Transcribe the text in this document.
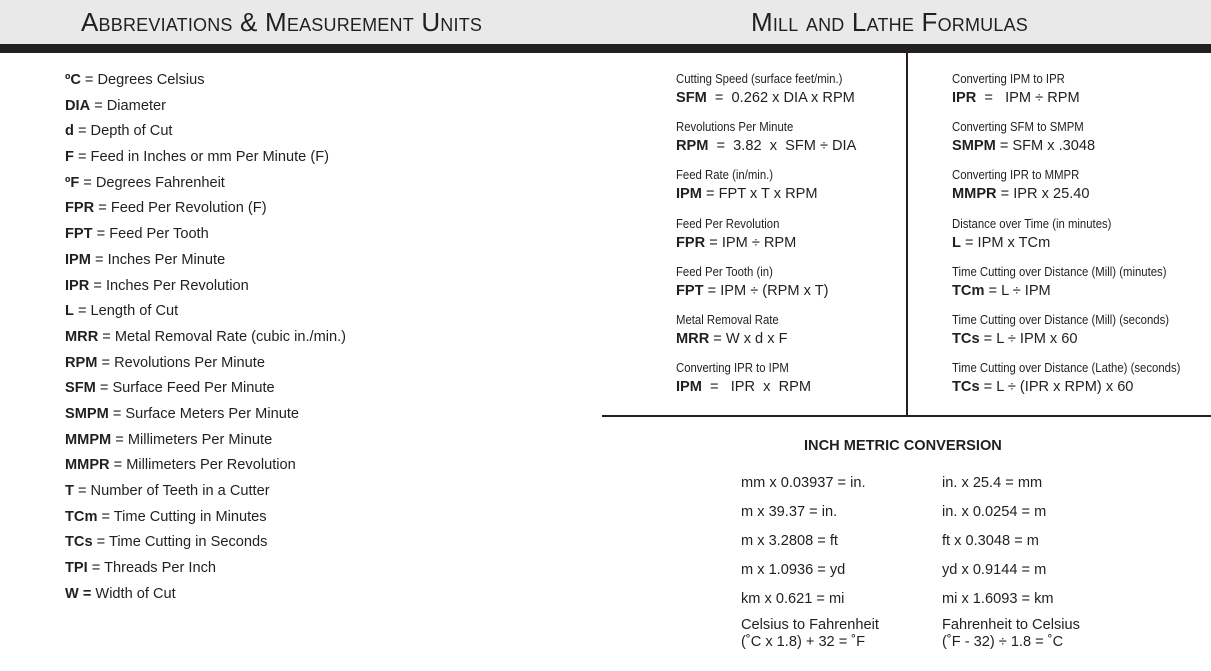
Abbreviations & Measurement Units	Mill and Lathe Formulas
ºC = Degrees Celsius
DIA = Diameter
d = Depth of Cut
F = Feed in Inches or mm Per Minute (F)
ºF = Degrees Fahrenheit
FPR = Feed Per Revolution (F)
FPT = Feed Per Tooth
IPM = Inches Per Minute
IPR = Inches Per Revolution
L = Length of Cut
MRR = Metal Removal Rate (cubic in./min.)
RPM = Revolutions Per Minute
SFM = Surface Feed Per Minute
SMPM = Surface Meters Per Minute
MMPM = Millimeters Per Minute
MMPR = Millimeters Per Revolution
T = Number of Teeth in a Cutter
TCm = Time Cutting in Minutes
TCs = Time Cutting in Seconds
TPI = Threads Per Inch
W = Width of Cut
Cutting Speed (surface feet/min.)
SFM  =  0.262 x DIA x RPM
Revolutions Per Minute
RPM  =  3.82  x  SFM ÷ DIA
Feed Rate (in/min.)
IPM = FPT x T x RPM
Feed Per Revolution
FPR = IPM ÷ RPM
Feed Per Tooth (in)
FPT = IPM ÷ (RPM x T)
Metal Removal Rate
MRR = W x d x F
Converting IPR to IPM
IPM  =   IPR  x  RPM
Converting IPM to IPR
IPR  =   IPM ÷ RPM
Converting SFM to SMPM
SMPM = SFM x .3048
Converting IPR to MMPR
MMPR = IPR x 25.40
Distance over Time (in minutes)
L = IPM x TCm
Time Cutting over Distance (Mill) (minutes)
TCm = L ÷ IPM
Time Cutting over Distance (Mill) (seconds)
TCs = L ÷ IPM x 60
Time Cutting over Distance (Lathe) (seconds)
TCs = L ÷ (IPR x RPM) x 60
INCH METRIC CONVERSION
mm x 0.03937 = in.
m x 39.37 = in.
m x 3.2808 = ft
m x 1.0936 = yd
km x 0.621 = mi
in. x 25.4 = mm
in. x 0.0254 = m
ft x 0.3048 = m
yd x 0.9144 = m
mi x 1.6093 = km
Celsius to Fahrenheit
(˚C x 1.8) + 32 = ˚F
Fahrenheit to Celsius
(˚F - 32) ÷ 1.8 = ˚C
